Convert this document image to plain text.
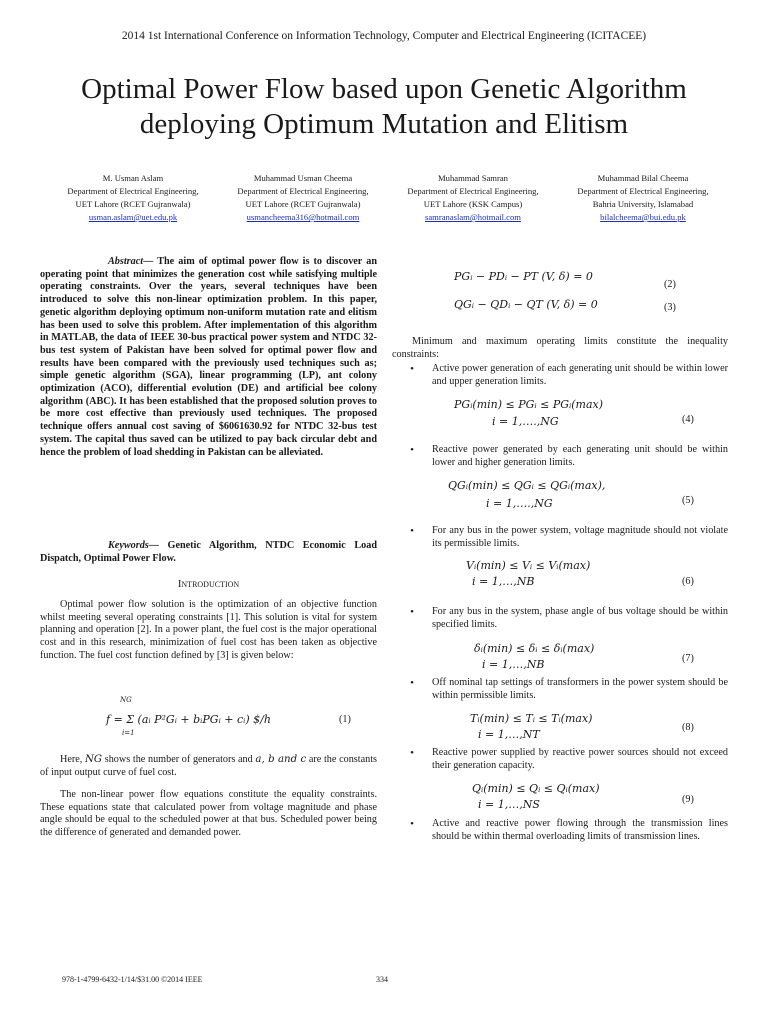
2014 1st International Conference on Information Technology, Computer and Electrical Engineering (ICITACEE)
Optimal Power Flow based upon Genetic Algorithm
deploying Optimum Mutation and Elitism
M. Usman Aslam
Department of Electrical Engineering,
UET Lahore (RCET Gujranwala)
usman.aslam@uet.edu.pk
Muhammad Usman Cheema
Department of Electrical Engineering,
UET Lahore (RCET Gujranwala)
usmancheema316@hotmail.com
Muhammad Samran
Department of Electrical Engineering,
UET Lahore (KSK Campus)
samranaslam@hotmail.com
Muhammad Bilal Cheema
Department of Electrical Engineering,
Bahria University, Islamabad
bilalcheema@bui.edu.pk
Abstract— The aim of optimal power flow is to discover an operating point that minimizes the generation cost while satisfying multiple operating constraints. Over the years, several techniques have been introduced to solve this non-linear optimization problem. In this paper, genetic algorithm deploying optimum non-uniform mutation rate and elitism has been used to solve this problem. After implementation of this algorithm in MATLAB, the data of IEEE 30-bus practical power system and NTDC 32-bus test system of Pakistan have been solved for optimal power flow and results have been compared with the previously used techniques such as; simple genetic algorithm (SGA), linear programming (LP), ant colony optimization (ACO), differential evolution (DE) and artificial bee colony algorithm (ABC). It has been established that the proposed solution proves to be more cost effective than previously used techniques. The proposed technique offers annual cost saving of $6061630.92 for NTDC 32-bus test system. The capital thus saved can be utilized to pay back circular debt and hence the problem of load shedding in Pakistan can be alleviated.
Keywords— Genetic Algorithm, NTDC Economic Load Dispatch, Optimal Power Flow.
Introduction
Optimal power flow solution is the optimization of an objective function whilst meeting several operating constraints [1]. This solution is vital for system planning and operation [2]. In a power plant, the fuel cost is the major operational cost and in this research, minimization of fuel cost has been taken as objective function. The fuel cost function defined by [3] is given below:
NG
f = Σ (aᵢ P²Gᵢ + bᵢPGᵢ + cᵢ) $/h
i=1
(1)
Here, NG shows the number of generators and a, b and c are the constants of input output curve of fuel cost.
The non-linear power flow equations constitute the equality constraints. These equations state that calculated power from voltage magnitude and phase angle should be equal to the scheduled power at that bus. Scheduled power being the difference of generated and demanded power.
PGᵢ − PDᵢ − PT (V, δ) = 0
(2)
QGᵢ − QDᵢ − QT (V, δ) = 0	(3)
Minimum and maximum operating limits constitute the inequality constraints:
•	Active power generation of each generating unit should be within lower and upper generation limits.
PGᵢ(min) ≤ PGᵢ ≤ PGᵢ(max)
i = 1,….,NG	(4)
•	Reactive power generated by each generating unit should be within lower and higher generation limits.
QGᵢ(min) ≤ QGᵢ ≤ QGᵢ(max),
i = 1,….,NG	(5)
•	For any bus in the power system, voltage magnitude should not violate its permissible limits.
Vᵢ(min) ≤ Vᵢ ≤ Vᵢ(max)
i = 1,…,NB	(6)
•	For any bus in the system, phase angle of bus voltage should be within specified limits.
δᵢ(min) ≤ δᵢ ≤ δᵢ(max)
i = 1,…,NB	(7)
•	Off nominal tap settings of transformers in the power system should be within permissible limits.
Tᵢ(min) ≤ Tᵢ ≤ Tᵢ(max)
i = 1,…,NT
(8)
•	Reactive power supplied by reactive power sources should not exceed their generation capacity.
Qᵢ(min) ≤ Qᵢ ≤ Qᵢ(max)
i = 1,…,NS	(9)
•	Active and reactive power flowing through the transmission lines should be within thermal overloading limits of transmission lines.
978-1-4799-6432-1/14/$31.00 ©2014 IEEE	334
